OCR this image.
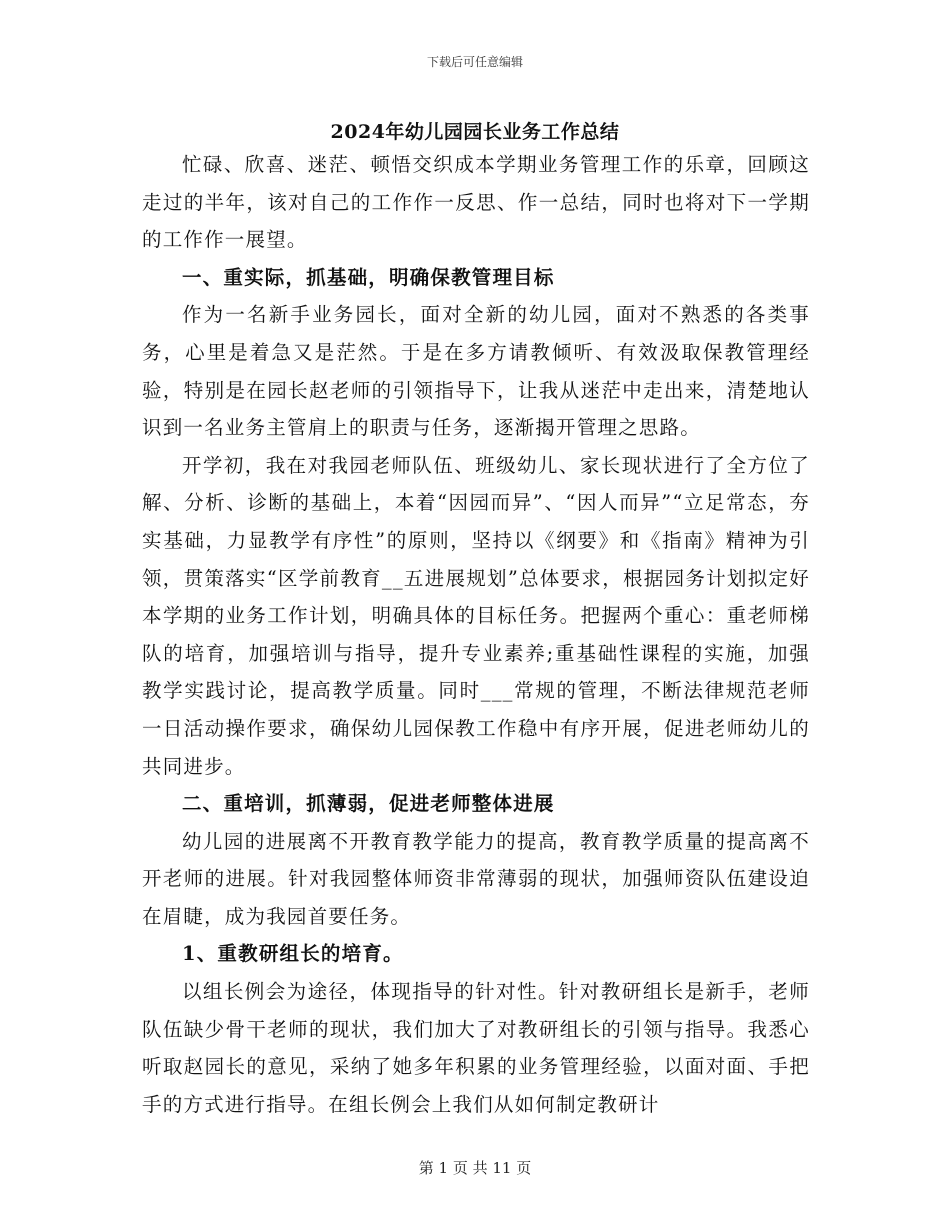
下载后可任意编辑
2024年幼儿园园长业务工作总结

忙碌、欣喜、迷茫、顿悟交织成本学期业务管理工作的乐章，回顾这走过的半年，该对自己的工作作一反思、作一总结，同时也将对下一学期的工作作一展望。

一、重实际，抓基础，明确保教管理目标

作为一名新手业务园长，面对全新的幼儿园，面对不熟悉的各类事务，心里是着急又是茫然。于是在多方请教倾听、有效汲取保教管理经验，特别是在园长赵老师的引领指导下，让我从迷茫中走出来，清楚地认识到一名业务主管肩上的职责与任务，逐渐揭开管理之思路。

开学初，我在对我园老师队伍、班级幼儿、家长现状进行了全方位了解、分析、诊断的基础上，本着“因园而异”、“因人而异”“立足常态，夯实基础，力显教学有序性”的原则，坚持以《纲要》和《指南》精神为引领，贯策落实“区学前教育__五进展规划”总体要求，根据园务计划拟定好本学期的业务工作计划，明确具体的目标任务。把握两个重心：重老师梯队的培育，加强培训与指导，提升专业素养;重基础性课程的实施，加强教学实践讨论，提高教学质量。同时___常规的管理，不断法律规范老师一日活动操作要求，确保幼儿园保教工作稳中有序开展，促进老师幼儿的共同进步。

二、重培训，抓薄弱，促进老师整体进展

幼儿园的进展离不开教育教学能力的提高，教育教学质量的提高离不开老师的进展。针对我园整体师资非常薄弱的现状，加强师资队伍建设迫在眉睫，成为我园首要任务。

1、重教研组长的培育。

以组长例会为途径，体现指导的针对性。针对教研组长是新手，老师队伍缺少骨干老师的现状，我们加大了对教研组长的引领与指导。我悉心听取赵园长的意见，采纳了她多年积累的业务管理经验，以面对面、手把手的方式进行指导。在组长例会上我们从如何制定教研计

第 1 页 共 11 页
